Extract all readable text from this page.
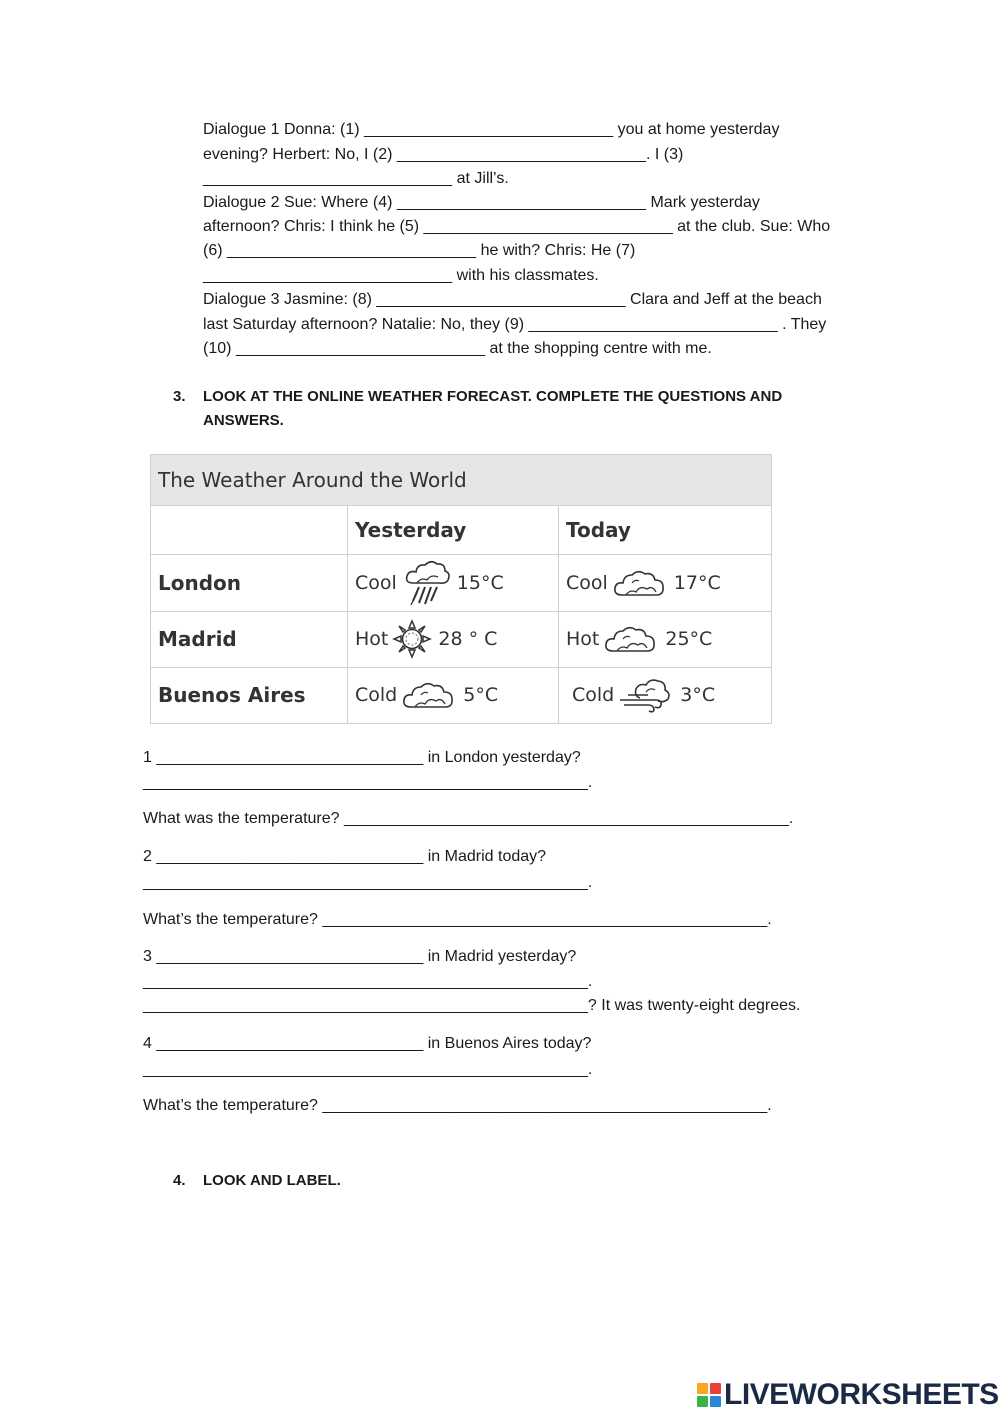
Dialogue 1 Donna: (1) ____________________________ you at home yesterday
evening? Herbert: No, I (2) ____________________________. I (3)
____________________________ at Jill’s.
Dialogue 2 Sue: Where (4) ____________________________ Mark yesterday
afternoon? Chris: I think he (5) ____________________________ at the club. Sue: Who
(6) ____________________________ he with? Chris: He (7)
____________________________ with his classmates.
Dialogue 3 Jasmine: (8) ____________________________ Clara and Jeff at the beach
last Saturday afternoon? Natalie: No, they (9) ____________________________ . They
(10) ____________________________ at the shopping centre with me.
3. LOOK AT THE ONLINE WEATHER FORECAST. COMPLETE THE QUESTIONS AND
ANSWERS.
The Weather Around the World		
	Yesterday	Today
London	Cool 15°C	Cool 17°C

Madrid	Hot 28 ° C	Hot 25°C

Buenos Aires	Cold 5°C	Cold 3°C
1 ______________________________ in London yesterday?
__________________________________________________.
What was the temperature? __________________________________________________.
2 ______________________________ in Madrid today?
__________________________________________________.
What’s the temperature? __________________________________________________.
3 ______________________________ in Madrid yesterday?
__________________________________________________.
__________________________________________________? It was twenty-eight degrees.
4 ______________________________ in Buenos Aires today?
__________________________________________________.
What’s the temperature? __________________________________________________.
4. LOOK AND LABEL.
LIVEWORKSHEETS
